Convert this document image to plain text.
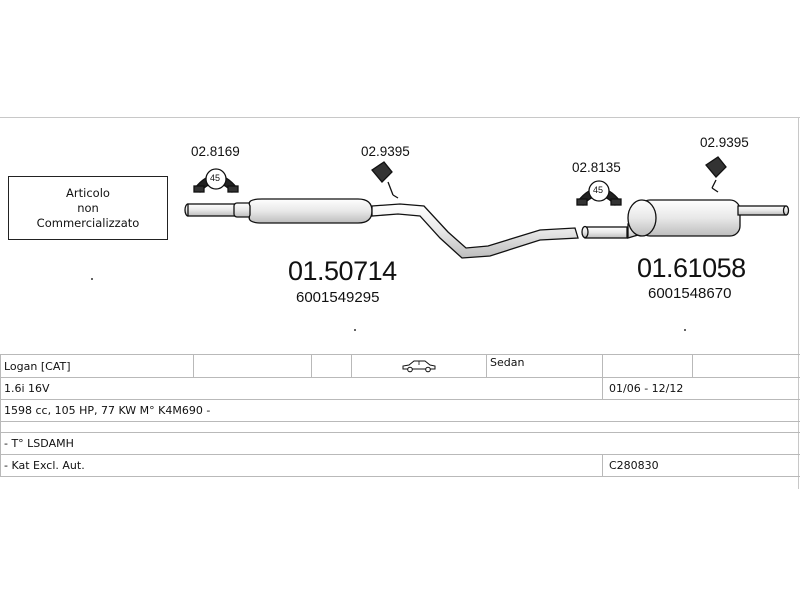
Articolo
non
Commercializzato
45
45
02.8169	02.9395
02.8135
02.9395
01.50714
6001549295
01.61058
6001548670
Logan [CAT]				Sedan		
1.6i 16V					01/06 - 12/12	
1598 cc, 105 HP, 77 KW M° K4M690 -						

- T° LSDAMH						
- Kat Excl. Aut.					C280830	
